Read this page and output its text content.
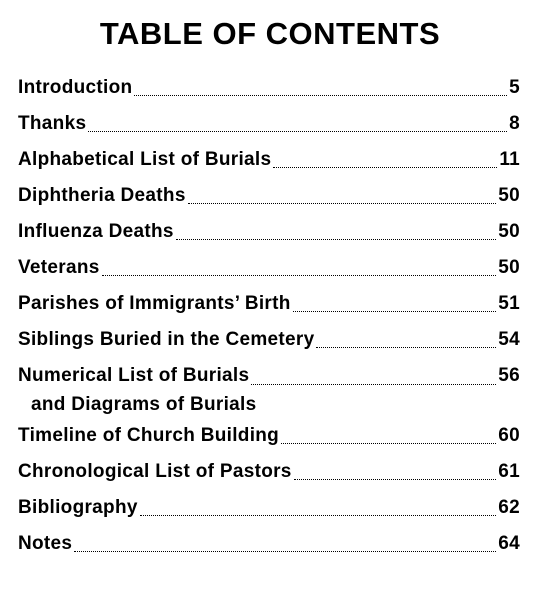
TABLE OF CONTENTS
Introduction	5
Thanks	8
Alphabetical List of Burials	11
Diphtheria Deaths	50
Influenza Deaths	50
Veterans	50
Parishes of Immigrants’ Birth	51
Siblings Buried in the Cemetery	54
Numerical List of Burials	56
and Diagrams of Burials
Timeline of Church Building	60
Chronological List of Pastors	61
Bibliography	62
Notes	64
